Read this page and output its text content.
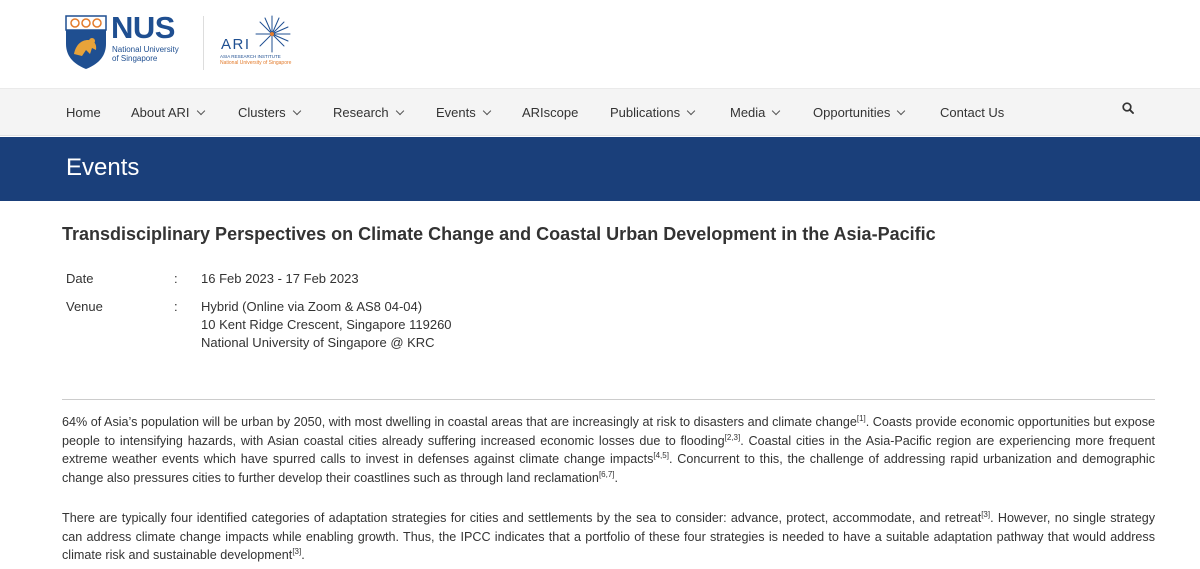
NUS
National University
of Singapore
ARI
ASIA RESEARCH INSTITUTE
National University of Singapore
Home About ARI	Clusters	Research	Events	ARIscope Publications	Media	Opportunities	Contact Us
Events
Transdisciplinary Perspectives on Climate Change and Coastal Urban Development in the Asia-Pacific
Date	: 16 Feb 2023 - 17 Feb 2023
Venue	: Hybrid (Online via Zoom & AS8 04-04)
10 Kent Ridge Crescent, Singapore 119260
National University of Singapore @ KRC
64% of Asia’s population will be urban by 2050, with most dwelling in coastal areas that are increasingly at risk to disasters and climate change[1]. Coasts provide economic opportunities but expose people to intensifying hazards, with Asian coastal cities already suffering increased economic losses due to flooding[2,3]. Coastal cities in the Asia-Pacific region are experiencing more frequent extreme weather events which have spurred calls to invest in defenses against climate change impacts[4,5]. Concurrent to this, the challenge of addressing rapid urbanization and demographic change also pressures cities to further develop their coastlines such as through land reclamation[6,7].
There are typically four identified categories of adaptation strategies for cities and settlements by the sea to consider: advance, protect, accommodate, and retreat[3]. However, no single strategy can address climate change impacts while enabling growth. Thus, the IPCC indicates that a portfolio of these four strategies is needed to have a suitable adaptation pathway that would address climate risk and sustainable development[3].
